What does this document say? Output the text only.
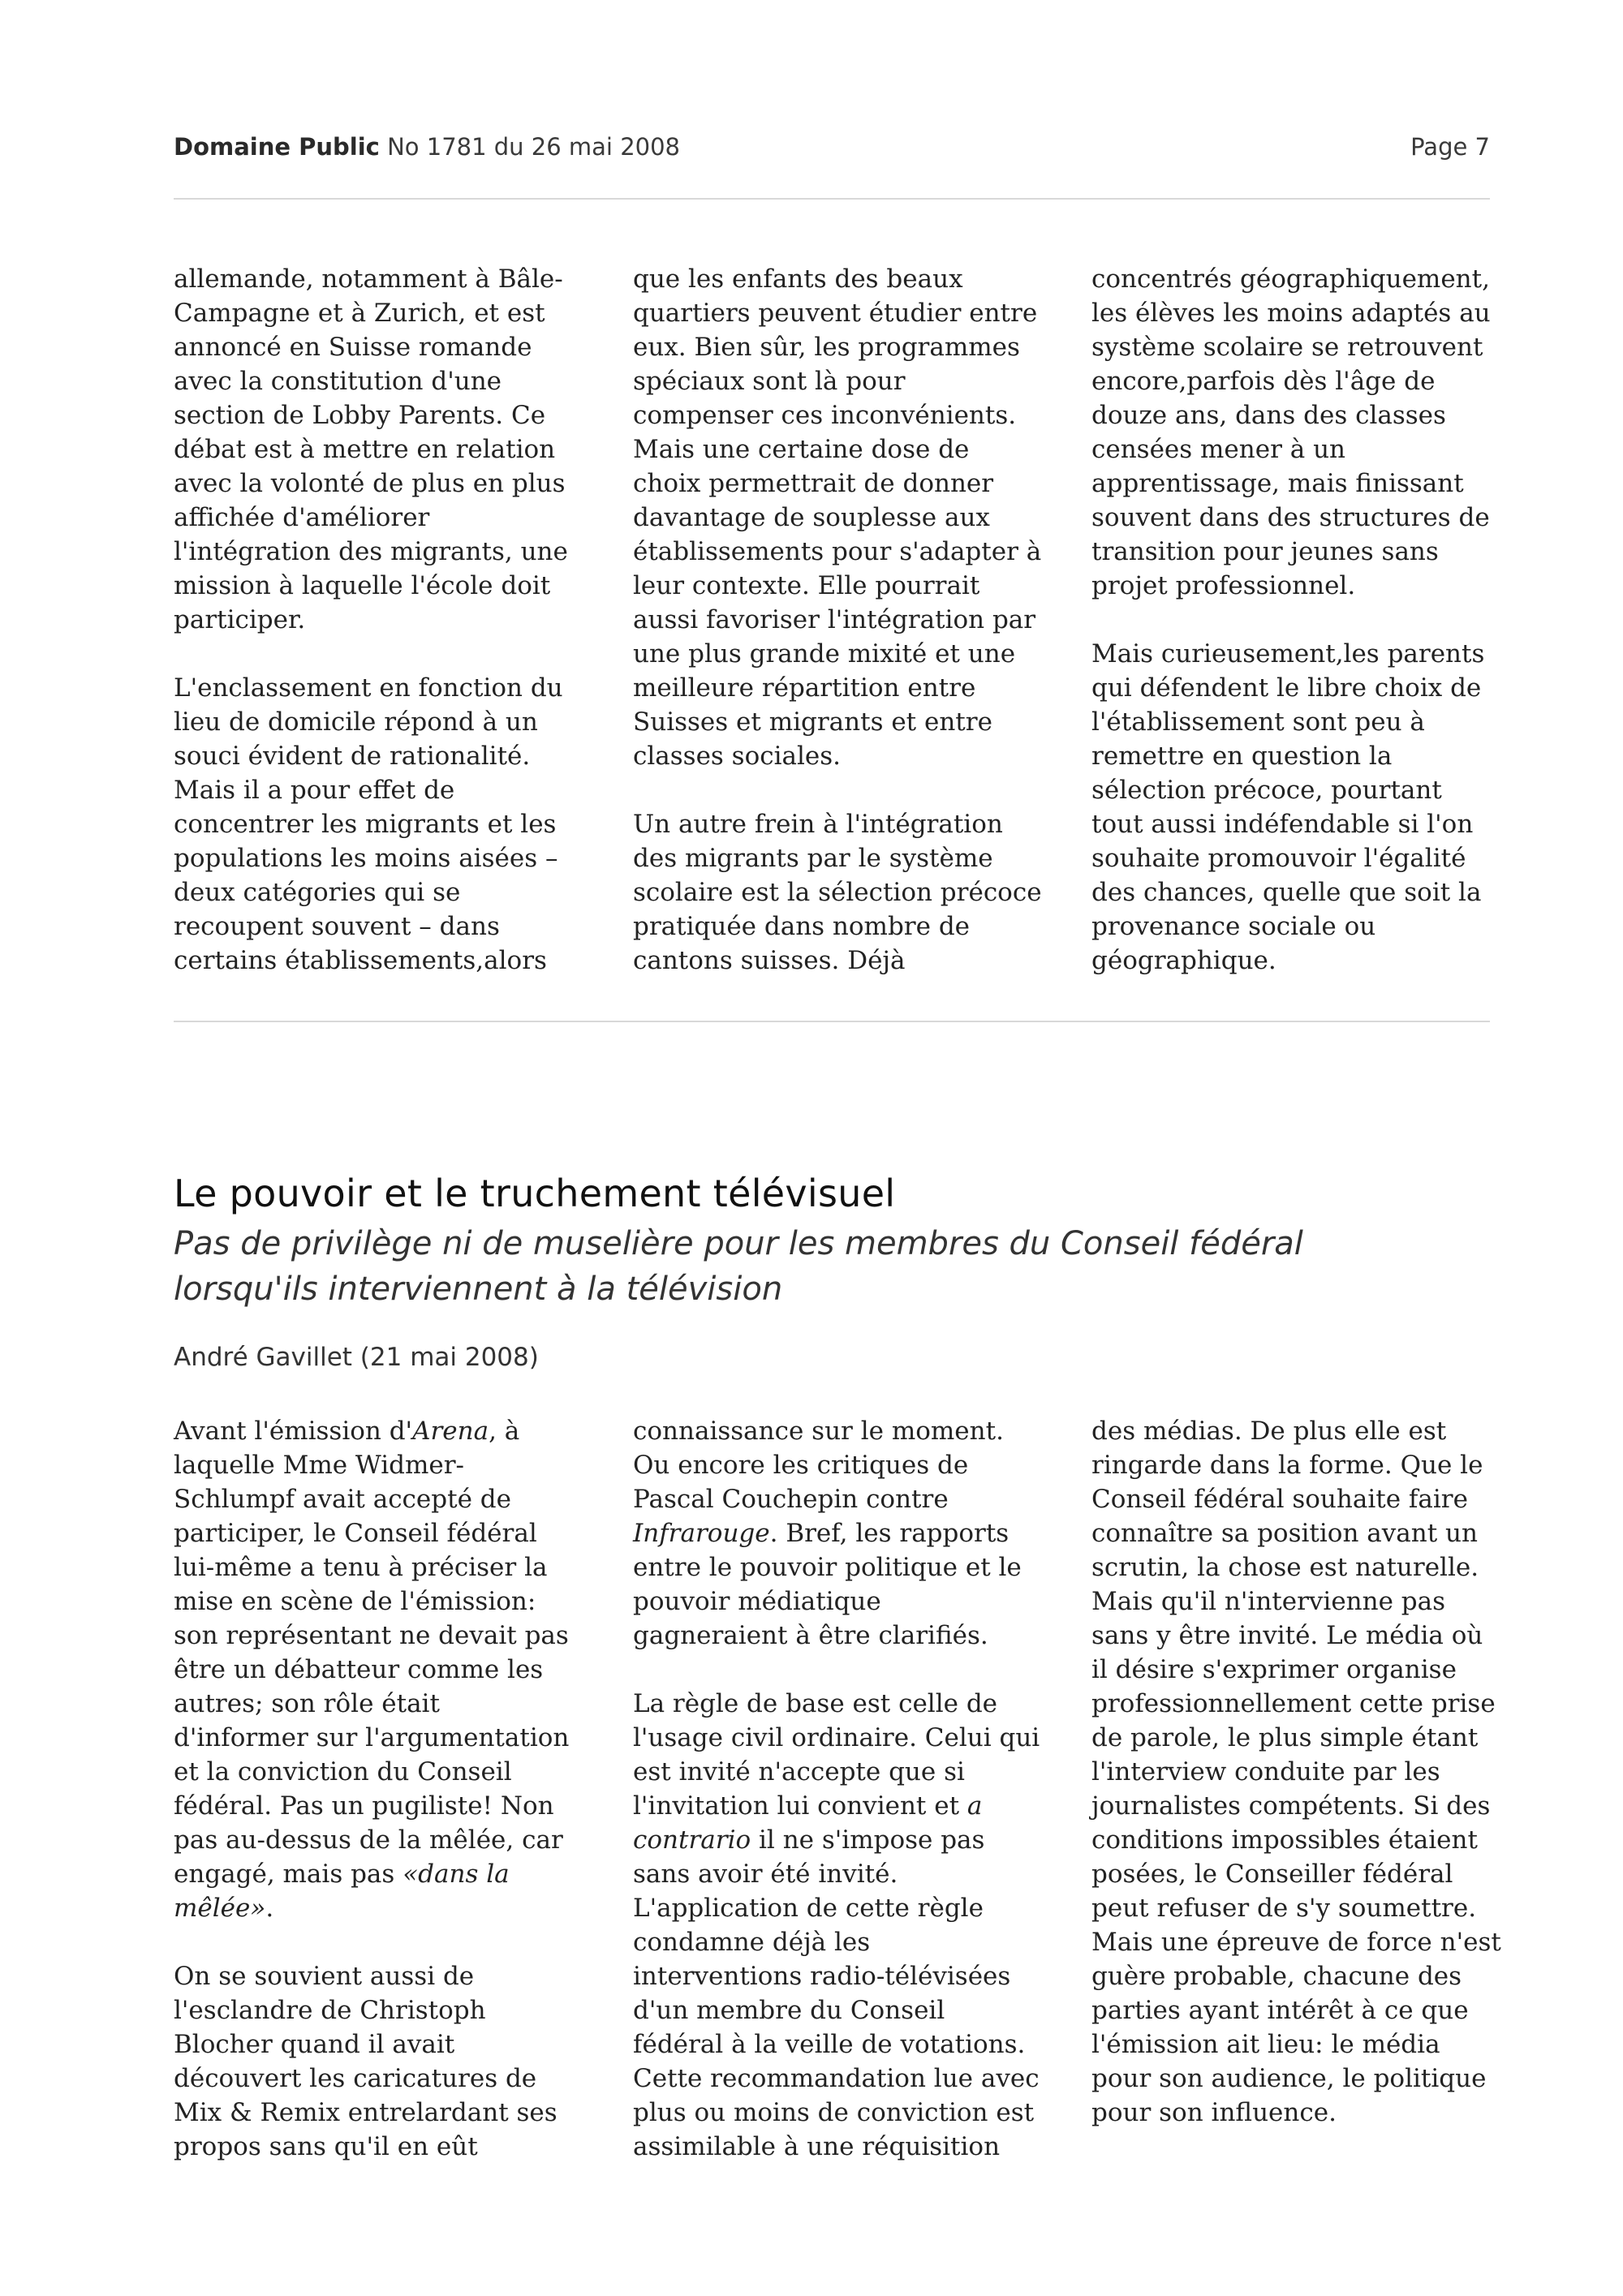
Domaine Public No 1781 du 26 mai 2008	Page 7

allemande, notamment à Bâle-
Campagne et à Zurich, et est
annoncé en Suisse romande
avec la constitution d'une
section de Lobby Parents. Ce
débat est à mettre en relation
avec la volonté de plus en plus
affichée d'améliorer
l'intégration des migrants, une
mission à laquelle l'école doit
participer.

L'enclassement en fonction du
lieu de domicile répond à un
souci évident de rationalité.
Mais il a pour effet de
concentrer les migrants et les
populations les moins aisées –
deux catégories qui se
recoupent souvent – dans
certains établissements,alors

que les enfants des beaux
quartiers peuvent étudier entre
eux. Bien sûr, les programmes
spéciaux sont là pour
compenser ces inconvénients.
Mais une certaine dose de
choix permettrait de donner
davantage de souplesse aux
établissements pour s'adapter à
leur contexte. Elle pourrait
aussi favoriser l'intégration par
une plus grande mixité et une
meilleure répartition entre
Suisses et migrants et entre
classes sociales.

Un autre frein à l'intégration
des migrants par le système
scolaire est la sélection précoce
pratiquée dans nombre de
cantons suisses. Déjà

concentrés géographiquement,
les élèves les moins adaptés au
système scolaire se retrouvent
encore,parfois dès l'âge de
douze ans, dans des classes
censées mener à un
apprentissage, mais finissant
souvent dans des structures de
transition pour jeunes sans
projet professionnel.

Mais curieusement,les parents
qui défendent le libre choix de
l'établissement sont peu à
remettre en question la
sélection précoce, pourtant
tout aussi indéfendable si l'on
souhaite promouvoir l'égalité
des chances, quelle que soit la
provenance sociale ou
géographique.

Le pouvoir et le truchement télévisuel
Pas de privilège ni de muselière pour les membres du Conseil fédéral
lorsqu'ils interviennent à la télévision
André Gavillet (21 mai 2008)

Avant l'émission d'Arena, à
laquelle Mme Widmer-
Schlumpf avait accepté de
participer, le Conseil fédéral
lui-même a tenu à préciser la
mise en scène de l'émission:
son représentant ne devait pas
être un débatteur comme les
autres; son rôle était
d'informer sur l'argumentation
et la conviction du Conseil
fédéral. Pas un pugiliste! Non
pas au-dessus de la mêlée, car
engagé, mais pas «dans la
mêlée».

On se souvient aussi de
l'esclandre de Christoph
Blocher quand il avait
découvert les caricatures de
Mix & Remix entrelardant ses
propos sans qu'il en eût

connaissance sur le moment.
Ou encore les critiques de
Pascal Couchepin contre
Infrarouge. Bref, les rapports
entre le pouvoir politique et le
pouvoir médiatique
gagneraient à être clarifiés.

La règle de base est celle de
l'usage civil ordinaire. Celui qui
est invité n'accepte que si
l'invitation lui convient et a
contrario il ne s'impose pas
sans avoir été invité.
L'application de cette règle
condamne déjà les
interventions radio-télévisées
d'un membre du Conseil
fédéral à la veille de votations.
Cette recommandation lue avec
plus ou moins de conviction est
assimilable à une réquisition

des médias. De plus elle est
ringarde dans la forme. Que le
Conseil fédéral souhaite faire
connaître sa position avant un
scrutin, la chose est naturelle.
Mais qu'il n'intervienne pas
sans y être invité. Le média où
il désire s'exprimer organise
professionnellement cette prise
de parole, le plus simple étant
l'interview conduite par les
journalistes compétents. Si des
conditions impossibles étaient
posées, le Conseiller fédéral
peut refuser de s'y soumettre.
Mais une épreuve de force n'est
guère probable, chacune des
parties ayant intérêt à ce que
l'émission ait lieu: le média
pour son audience, le politique
pour son influence.
